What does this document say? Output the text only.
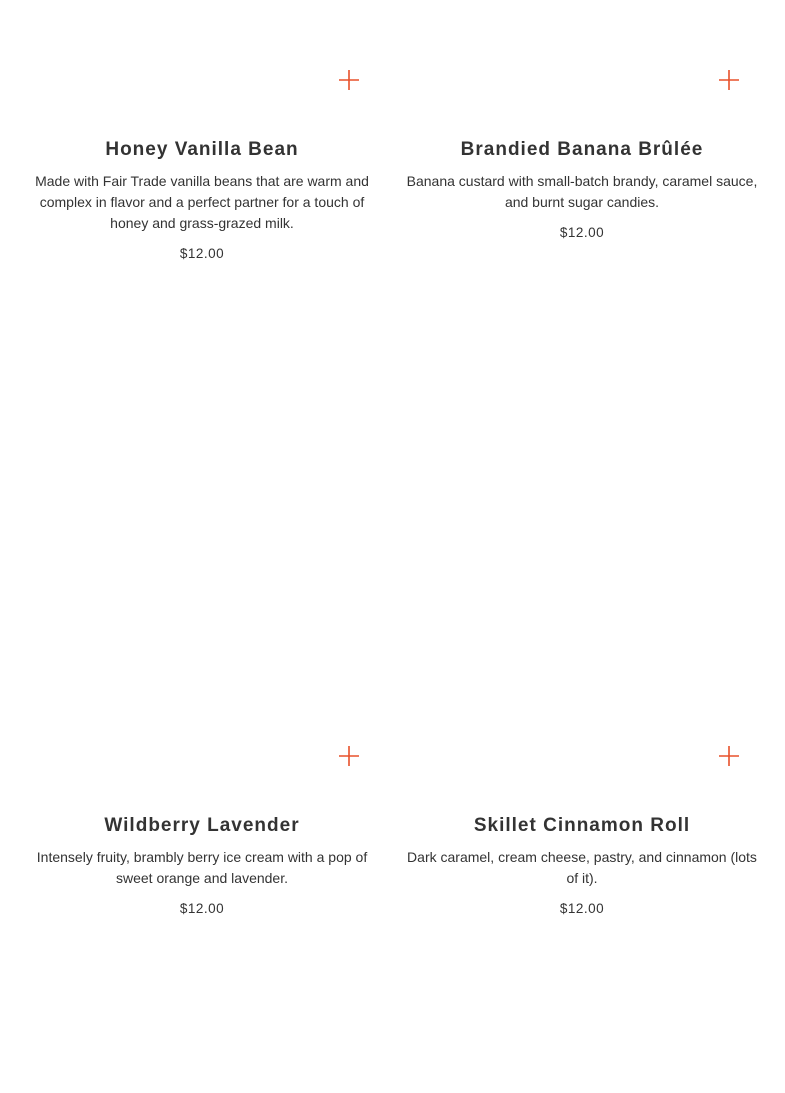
Honey Vanilla Bean
Made with Fair Trade vanilla beans that are warm and complex in flavor and a perfect partner for a touch of honey and grass-grazed milk.
$12.00
Brandied Banana Brûlée
Banana custard with small-batch brandy, caramel sauce, and burnt sugar candies.
$12.00
Wildberry Lavender
Intensely fruity, brambly berry ice cream with a pop of sweet orange and lavender.
$12.00
Skillet Cinnamon Roll
Dark caramel, cream cheese, pastry, and cinnamon (lots of it).
$12.00
